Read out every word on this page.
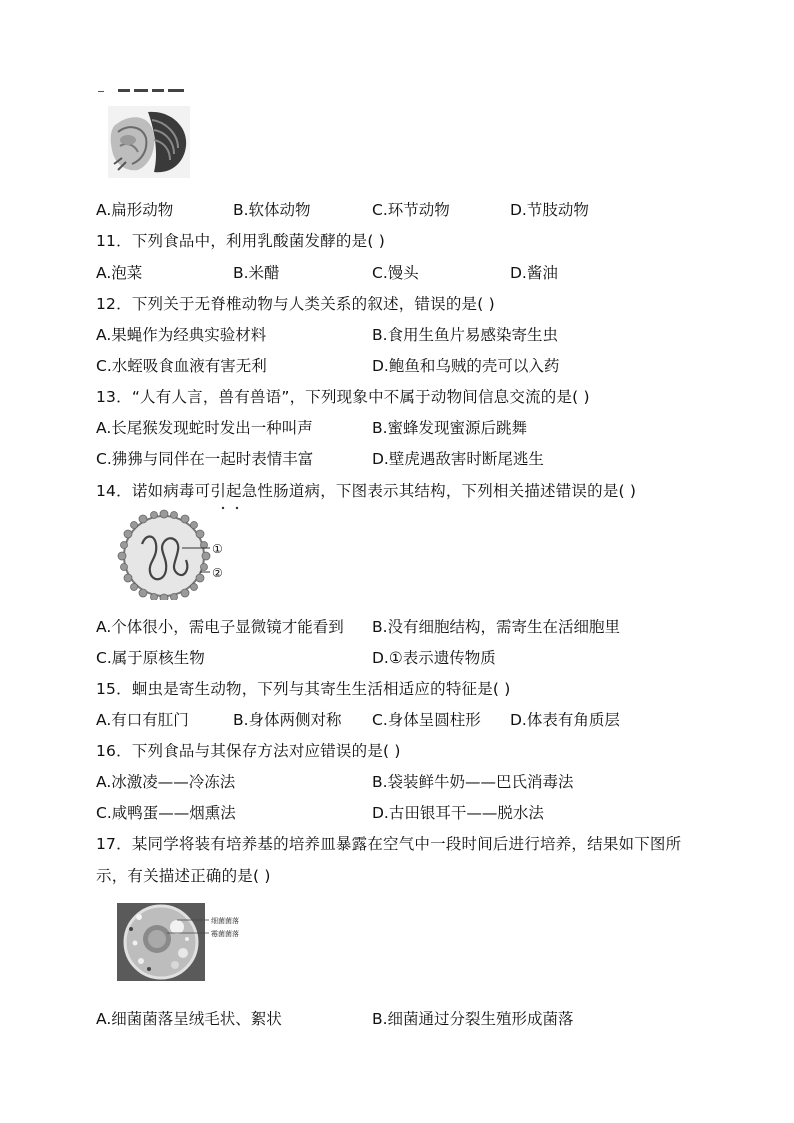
A.扁形动物	B.软体动物	C.环节动物	D.节肢动物
11．下列食品中，利用乳酸菌发酵的是( )
A.泡菜	B.米醋	C.馒头	D.酱油
12．下列关于无脊椎动物与人类关系的叙述，错误的是( )
A.果蝇作为经典实验材料	B.食用生鱼片易感染寄生虫
C.水蛭吸食血液有害无利	D.鲍鱼和乌贼的壳可以入药
13．“人有人言，兽有兽语”，下列现象中不属于动物间信息交流的是( )
A.长尾猴发现蛇时发出一种叫声	B.蜜蜂发现蜜源后跳舞
C.狒狒与同伴在一起时表情丰富	D.壁虎遇敌害时断尾逃生
14．诺如病毒可引起急性肠道病，下图表示其结构，下列相关描述错误的是( )
①
②
A.个体很小，需电子显微镜才能看到 B.没有细胞结构，需寄生在活细胞里
C.属于原核生物	D.①表示遗传物质
15．蛔虫是寄生动物，下列与其寄生生活相适应的特征是( )
A.有口有肛门	B.身体两侧对称 C.身体呈圆柱形 D.体表有角质层
16．下列食品与其保存方法对应错误的是( )
A.冰激凌——冷冻法	B.袋装鲜牛奶——巴氏消毒法
C.咸鸭蛋——烟熏法	D.古田银耳干——脱水法
17．某同学将装有培养基的培养皿暴露在空气中一段时间后进行培养，结果如下图所
示，有关描述正确的是( )
细菌菌落
霉菌菌落
A.细菌菌落呈绒毛状、絮状	B.细菌通过分裂生殖形成菌落
